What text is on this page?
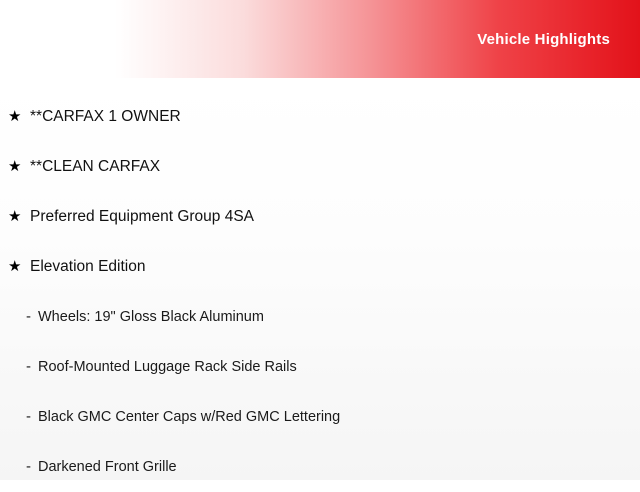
Vehicle Highlights
★ **CARFAX 1 OWNER
★ **CLEAN CARFAX
★ Preferred Equipment Group 4SA
★ Elevation Edition
- Wheels: 19" Gloss Black Aluminum
- Roof-Mounted Luggage Rack Side Rails
- Black GMC Center Caps w/Red GMC Lettering
- Darkened Front Grille
